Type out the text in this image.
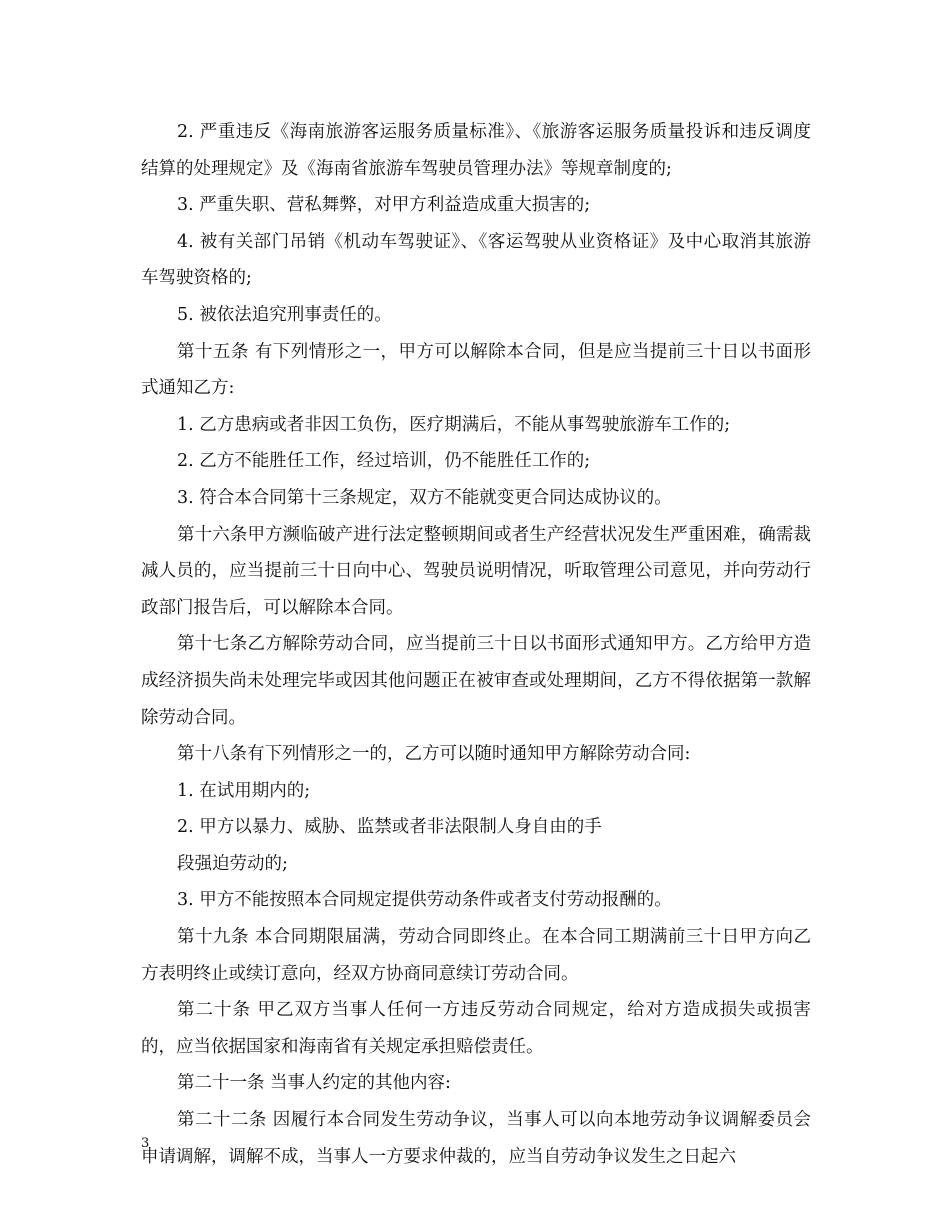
2. 严重违反《海南旅游客运服务质量标准》、《旅游客运服务质量投诉和违反调度结算的处理规定》及《海南省旅游车驾驶员管理办法》等规章制度的;

3. 严重失职、营私舞弊，对甲方利益造成重大损害的;

4. 被有关部门吊销《机动车驾驶证》、《客运驾驶从业资格证》及中心取消其旅游车驾驶资格的;

5. 被依法追究刑事责任的。

第十五条 有下列情形之一，甲方可以解除本合同，但是应当提前三十日以书面形式通知乙方:

1. 乙方患病或者非因工负伤，医疗期满后，不能从事驾驶旅游车工作的;

2. 乙方不能胜任工作，经过培训，仍不能胜任工作的;

3. 符合本合同第十三条规定，双方不能就变更合同达成协议的。

第十六条甲方濒临破产进行法定整顿期间或者生产经营状况发生严重困难，确需裁减人员的，应当提前三十日向中心、驾驶员说明情况，听取管理公司意见，并向劳动行政部门报告后，可以解除本合同。

第十七条乙方解除劳动合同，应当提前三十日以书面形式通知甲方。乙方给甲方造成经济损失尚未处理完毕或因其他问题正在被审查或处理期间，乙方不得依据第一款解除劳动合同。

第十八条有下列情形之一的，乙方可以随时通知甲方解除劳动合同:

1. 在试用期内的;

2. 甲方以暴力、威胁、监禁或者非法限制人身自由的手

段强迫劳动的;

3. 甲方不能按照本合同规定提供劳动条件或者支付劳动报酬的。

第十九条 本合同期限届满，劳动合同即终止。在本合同工期满前三十日甲方向乙方表明终止或续订意向，经双方协商同意续订劳动合同。

第二十条 甲乙双方当事人任何一方违反劳动合同规定，给对方造成损失或损害的，应当依据国家和海南省有关规定承担赔偿责任。

第二十一条 当事人约定的其他内容:

第二十二条 因履行本合同发生劳动争议，当事人可以向本地劳动争议调解委员会申请调解，调解不成，当事人一方要求仲裁的，应当自劳动争议发生之日起六

3
